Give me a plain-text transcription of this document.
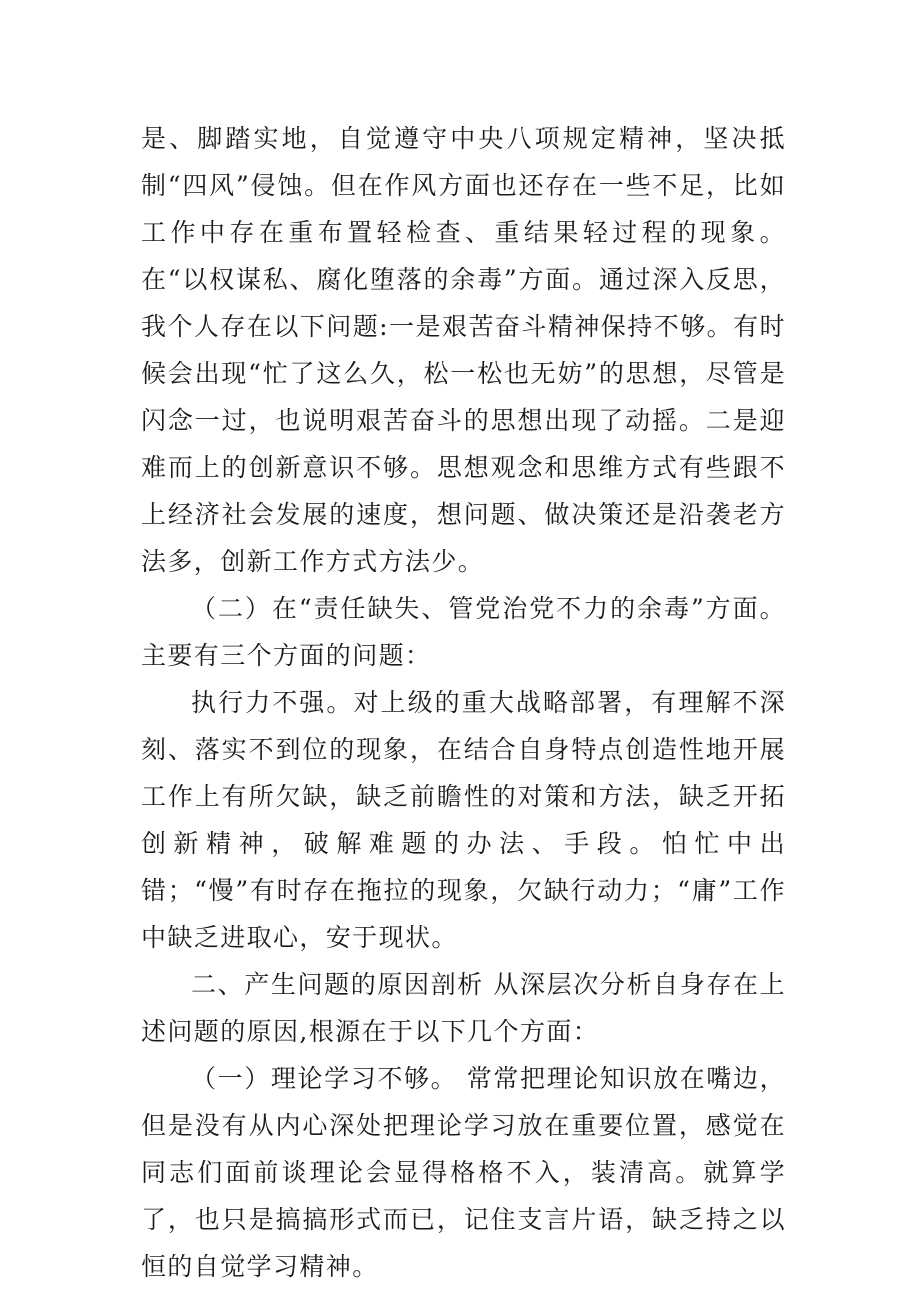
是、脚踏实地，自觉遵守中央八项规定精神，坚决抵制“四风”侵蚀。但在作风方面也还存在一些不足，比如工作中存在重布置轻检查、重结果轻过程的现象。在“以权谋私、腐化堕落的余毒”方面。通过深入反思，我个人存在以下问题:一是艰苦奋斗精神保持不够。有时候会出现“忙了这么久，松一松也无妨”的思想，尽管是闪念一过，也说明艰苦奋斗的思想出现了动摇。二是迎难而上的创新意识不够。思想观念和思维方式有些跟不上经济社会发展的速度，想问题、做决策还是沿袭老方法多，创新工作方式方法少。

（二）在“责任缺失、管党治党不力的余毒”方面。主要有三个方面的问题：

执行力不强。对上级的重大战略部署，有理解不深刻、落实不到位的现象，在结合自身特点创造性地开展工作上有所欠缺，缺乏前瞻性的对策和方法，缺乏开拓创新精神，破解难题的办法、手段。怕忙中出错；“慢”有时存在拖拉的现象，欠缺行动力；“庸”工作中缺乏进取心，安于现状。

二、产生问题的原因剖析 从深层次分析自身存在上述问题的原因,根源在于以下几个方面：

（一）理论学习不够。 常常把理论知识放在嘴边，但是没有从内心深处把理论学习放在重要位置，感觉在同志们面前谈理论会显得格格不入，装清高。就算学了，也只是搞搞形式而已，记住支言片语，缺乏持之以恒的自觉学习精神。
